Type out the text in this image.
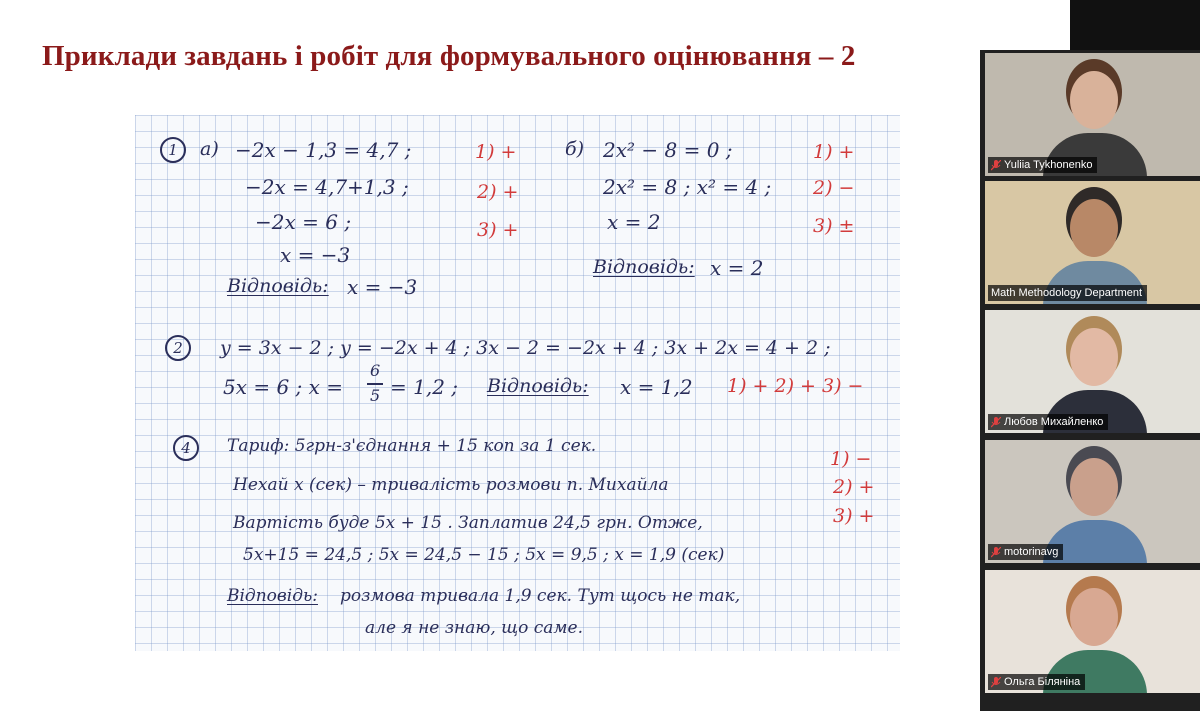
Приклади завдань і робіт для формувального оцінювання – 2
1	а) −2x − 1,3 = 4,7 ;
−2x = 4,7+1,3 ;
−2x = 6 ;
x = −3
Відповідь: x = −3
1) +
2) +
3) +
б) 2x² − 8 = 0 ;
2x² = 8 ; x² = 4 ;
x = 2
Відповідь: x = 2
1) +
2) −
3) ±
2	y = 3x − 2 ; y = −2x + 4 ; 3x − 2 = −2x + 4 ; 3x + 2x = 4 + 2 ;
5x = 6 ; x =
6
5 = 1,2 ; Відповідь: x = 1,2 1) + 2) + 3) −
4	Тариф: 5грн-з'єднання + 15 коп за 1 сек.
Нехай x (сек) – тривалість розмови п. Михайла
Вартість буде 5x + 15 . Заплатив 24,5 грн. Отже,
5x+15 = 24,5 ; 5x = 24,5 − 15 ; 5x = 9,5 ; x = 1,9 (сек)
Відповідь: розмова тривала 1,9 сек. Тут щось не так,
але я не знаю, що саме.
1) −
2) +
3) +
Yuliia Tykhonenko
Math Methodology Department
Любов Михайленко
motorinavg
Ольга Біляніна
